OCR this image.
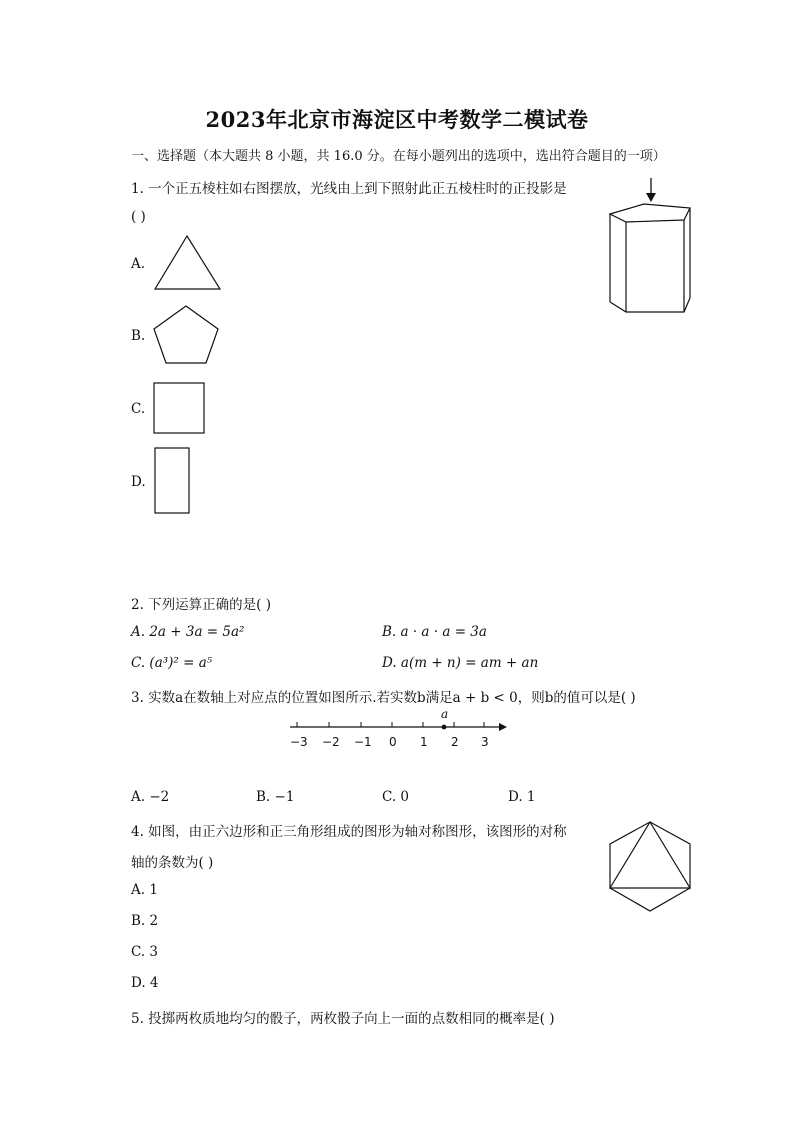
2023年北京市海淀区中考数学二模试卷
一、选择题（本大题共 8 小题，共 16.0 分。在每小题列出的选项中，选出符合题目的一项）
1. 一个正五棱柱如右图摆放，光线由上到下照射此正五棱柱时的正投影是
( )
A.
B.
C.
D.
2. 下列运算正确的是( )
A. 2a + 3a = 5a²	B. a · a · a = 3a
C. (a³)² = a⁵	D. a(m + n) = am + an
3. 实数a在数轴上对应点的位置如图所示.若实数b满足a + b < 0，则b的值可以是( )
a
−3 −2 −1 0 1 2 3
A. −2	B. −1	C. 0	D. 1
4. 如图，由正六边形和正三角形组成的图形为轴对称图形，该图形的对称
轴的条数为( )
A. 1
B. 2
C. 3
D. 4
5. 投掷两枚质地均匀的骰子，两枚骰子向上一面的点数相同的概率是( )
